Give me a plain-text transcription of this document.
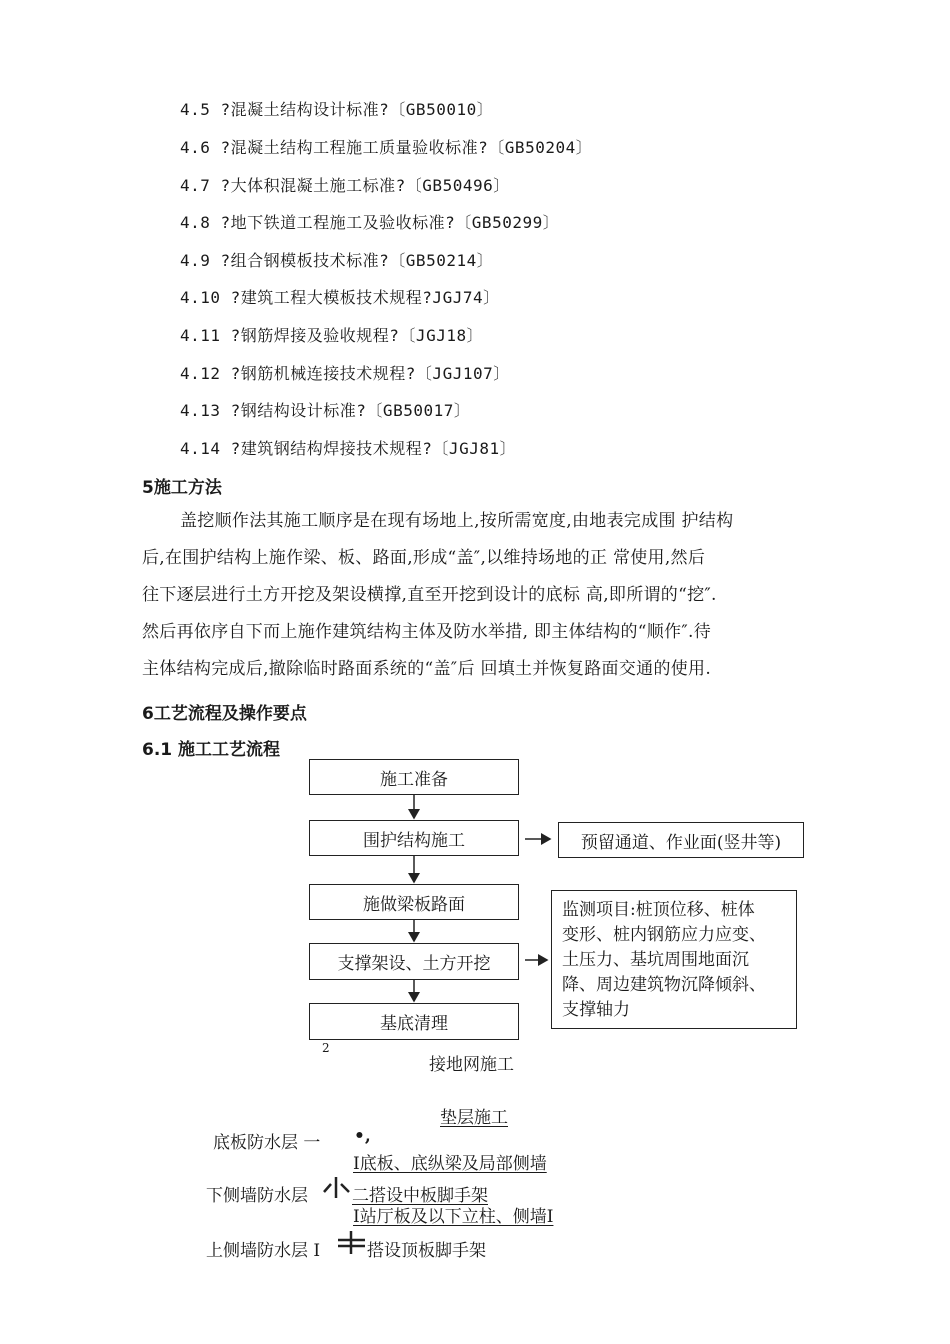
4.5 ?混凝土结构设计标准?〔GB50010〕
4.6 ?混凝土结构工程施工质量验收标准?〔GB50204〕
4.7 ?大体积混凝土施工标准?〔GB50496〕
4.8 ?地下铁道工程施工及验收标准?〔GB50299〕
4.9 ?组合钢模板技术标准?〔GB50214〕
4.10 ?建筑工程大模板技术规程?JGJ74〕
4.11 ?钢筋焊接及验收规程?〔JGJ18〕
4.12 ?钢筋机械连接技术规程?〔JGJ107〕
4.13 ?钢结构设计标准?〔GB50017〕
4.14 ?建筑钢结构焊接技术规程?〔JGJ81〕
5施工方法
盖挖顺作法其施工顺序是在现有场地上,按所需宽度,由地表完成围 护结构
后,在围护结构上施作梁、板、路面,形成“盖″,以维持场地的正 常使用,然后
往下逐层进行土方开挖及架设横撑,直至开挖到设计的底标 高,即所谓的“挖″.
然后再依序自下而上施作建筑结构主体及防水举措, 即主体结构的“顺作″.待
主体结构完成后,撤除临时路面系统的“盖″后 回填土并恢复路面交通的使用.
6工艺流程及操作要点
6.1 施工工艺流程
施工准备
围护结构施工
施做梁板路面
支撑架设、土方开挖
基底清理
预留通道、作业面(竖井等)
监测项目:桩顶位移、桩体
变形、桩内钢筋应力应变、
土压力、基坑周围地面沉
降、周边建筑物沉降倾斜、
支撑轴力
2
接地网施工
垫层施工
底板防水层 一 •,
I底板、底纵梁及局部侧墙
下侧墙防水层	二搭设中板脚手架
I站厅板及以下立柱、侧墙I
上侧墙防水层 I	搭设顶板脚手架
